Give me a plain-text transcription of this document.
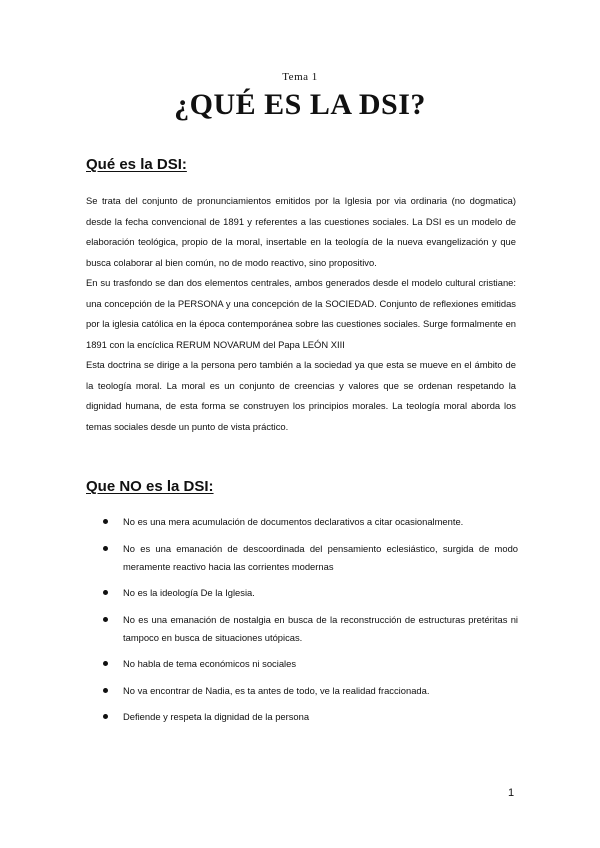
Tema 1
¿QUÉ ES LA DSI?
Qué es la DSI:

Se trata del conjunto de pronunciamientos emitidos por la Iglesia por via ordinaria (no dogmatica) desde la fecha convencional de 1891 y referentes a las cuestiones sociales. La DSI es un modelo de elaboración teológica, propio de la moral, insertable en la teología de la nueva evangelización y que busca colaborar al bien común, no de modo reactivo, sino propositivo.

En su trasfondo se dan dos elementos centrales, ambos generados desde el modelo cultural cristiane: una concepción de la PERSONA y una concepción de la SOCIEDAD. Conjunto de reflexiones emitidas por la iglesia católica en la época contemporánea sobre las cuestiones sociales. Surge formalmente en 1891 con la encíclica RERUM NOVARUM del Papa LEÓN XIII

Esta doctrina se dirige a la persona pero también a la sociedad ya que esta se mueve en el ámbito de la teología moral. La moral es un conjunto de creencias y valores que se ordenan respetando la dignidad humana, de esta forma se construyen los principios morales. La teología moral aborda los temas sociales desde un punto de vista práctico.

Que NO es la DSI:
No es una mera acumulación de documentos declarativos a citar ocasionalmente.
No es una emanación de descoordinada del pensamiento eclesiástico, surgida de modo meramente reactivo hacia las corrientes modernas
No es la ideología De la Iglesia.
No es una emanación de nostalgia en busca de la reconstrucción de estructuras pretéritas ni tampoco en busca de situaciones utópicas.
No habla de tema económicos ni sociales
No va encontrar de Nadia, es ta antes de todo, ve la realidad fraccionada.
Defiende y respeta la dignidad de la persona
1
